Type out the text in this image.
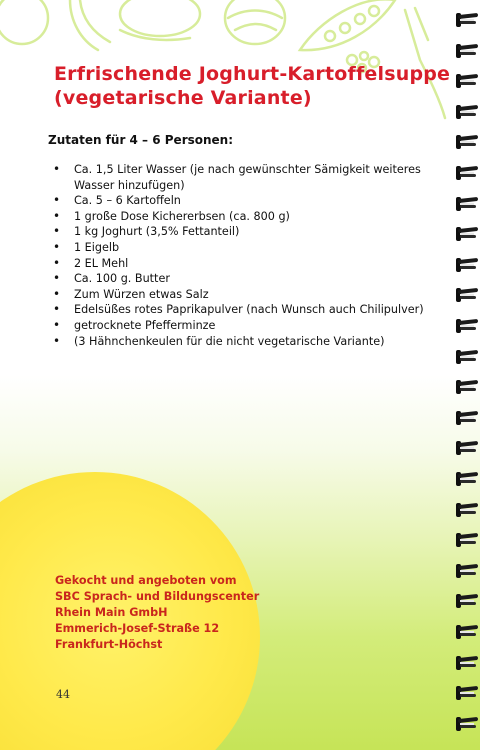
Erfrischende Joghurt-Kartoffelsuppe
(vegetarische Variante)

Zutaten für 4 – 6 Personen:

• Ca. 1,5 Liter Wasser (je nach gewünschter Sämigkeit weiteres Wasser hinzufügen)
• Ca. 5 – 6 Kartoffeln
• 1 große Dose Kichererbsen (ca. 800 g)
• 1 kg Joghurt (3,5% Fettanteil)
• 1 Eigelb
• 2 EL Mehl
• Ca. 100 g. Butter
• Zum Würzen etwas Salz
• Edelsüßes rotes Paprikapulver (nach Wunsch auch Chilipulver)
• getrocknete Pfefferminze
• (3 Hähnchenkeulen für die nicht vegetarische Variante)
Gekocht und angeboten vom
SBC Sprach- und Bildungscenter
Rhein Main GmbH
Emmerich-Josef-Straße 12
Frankfurt-Höchst
44
